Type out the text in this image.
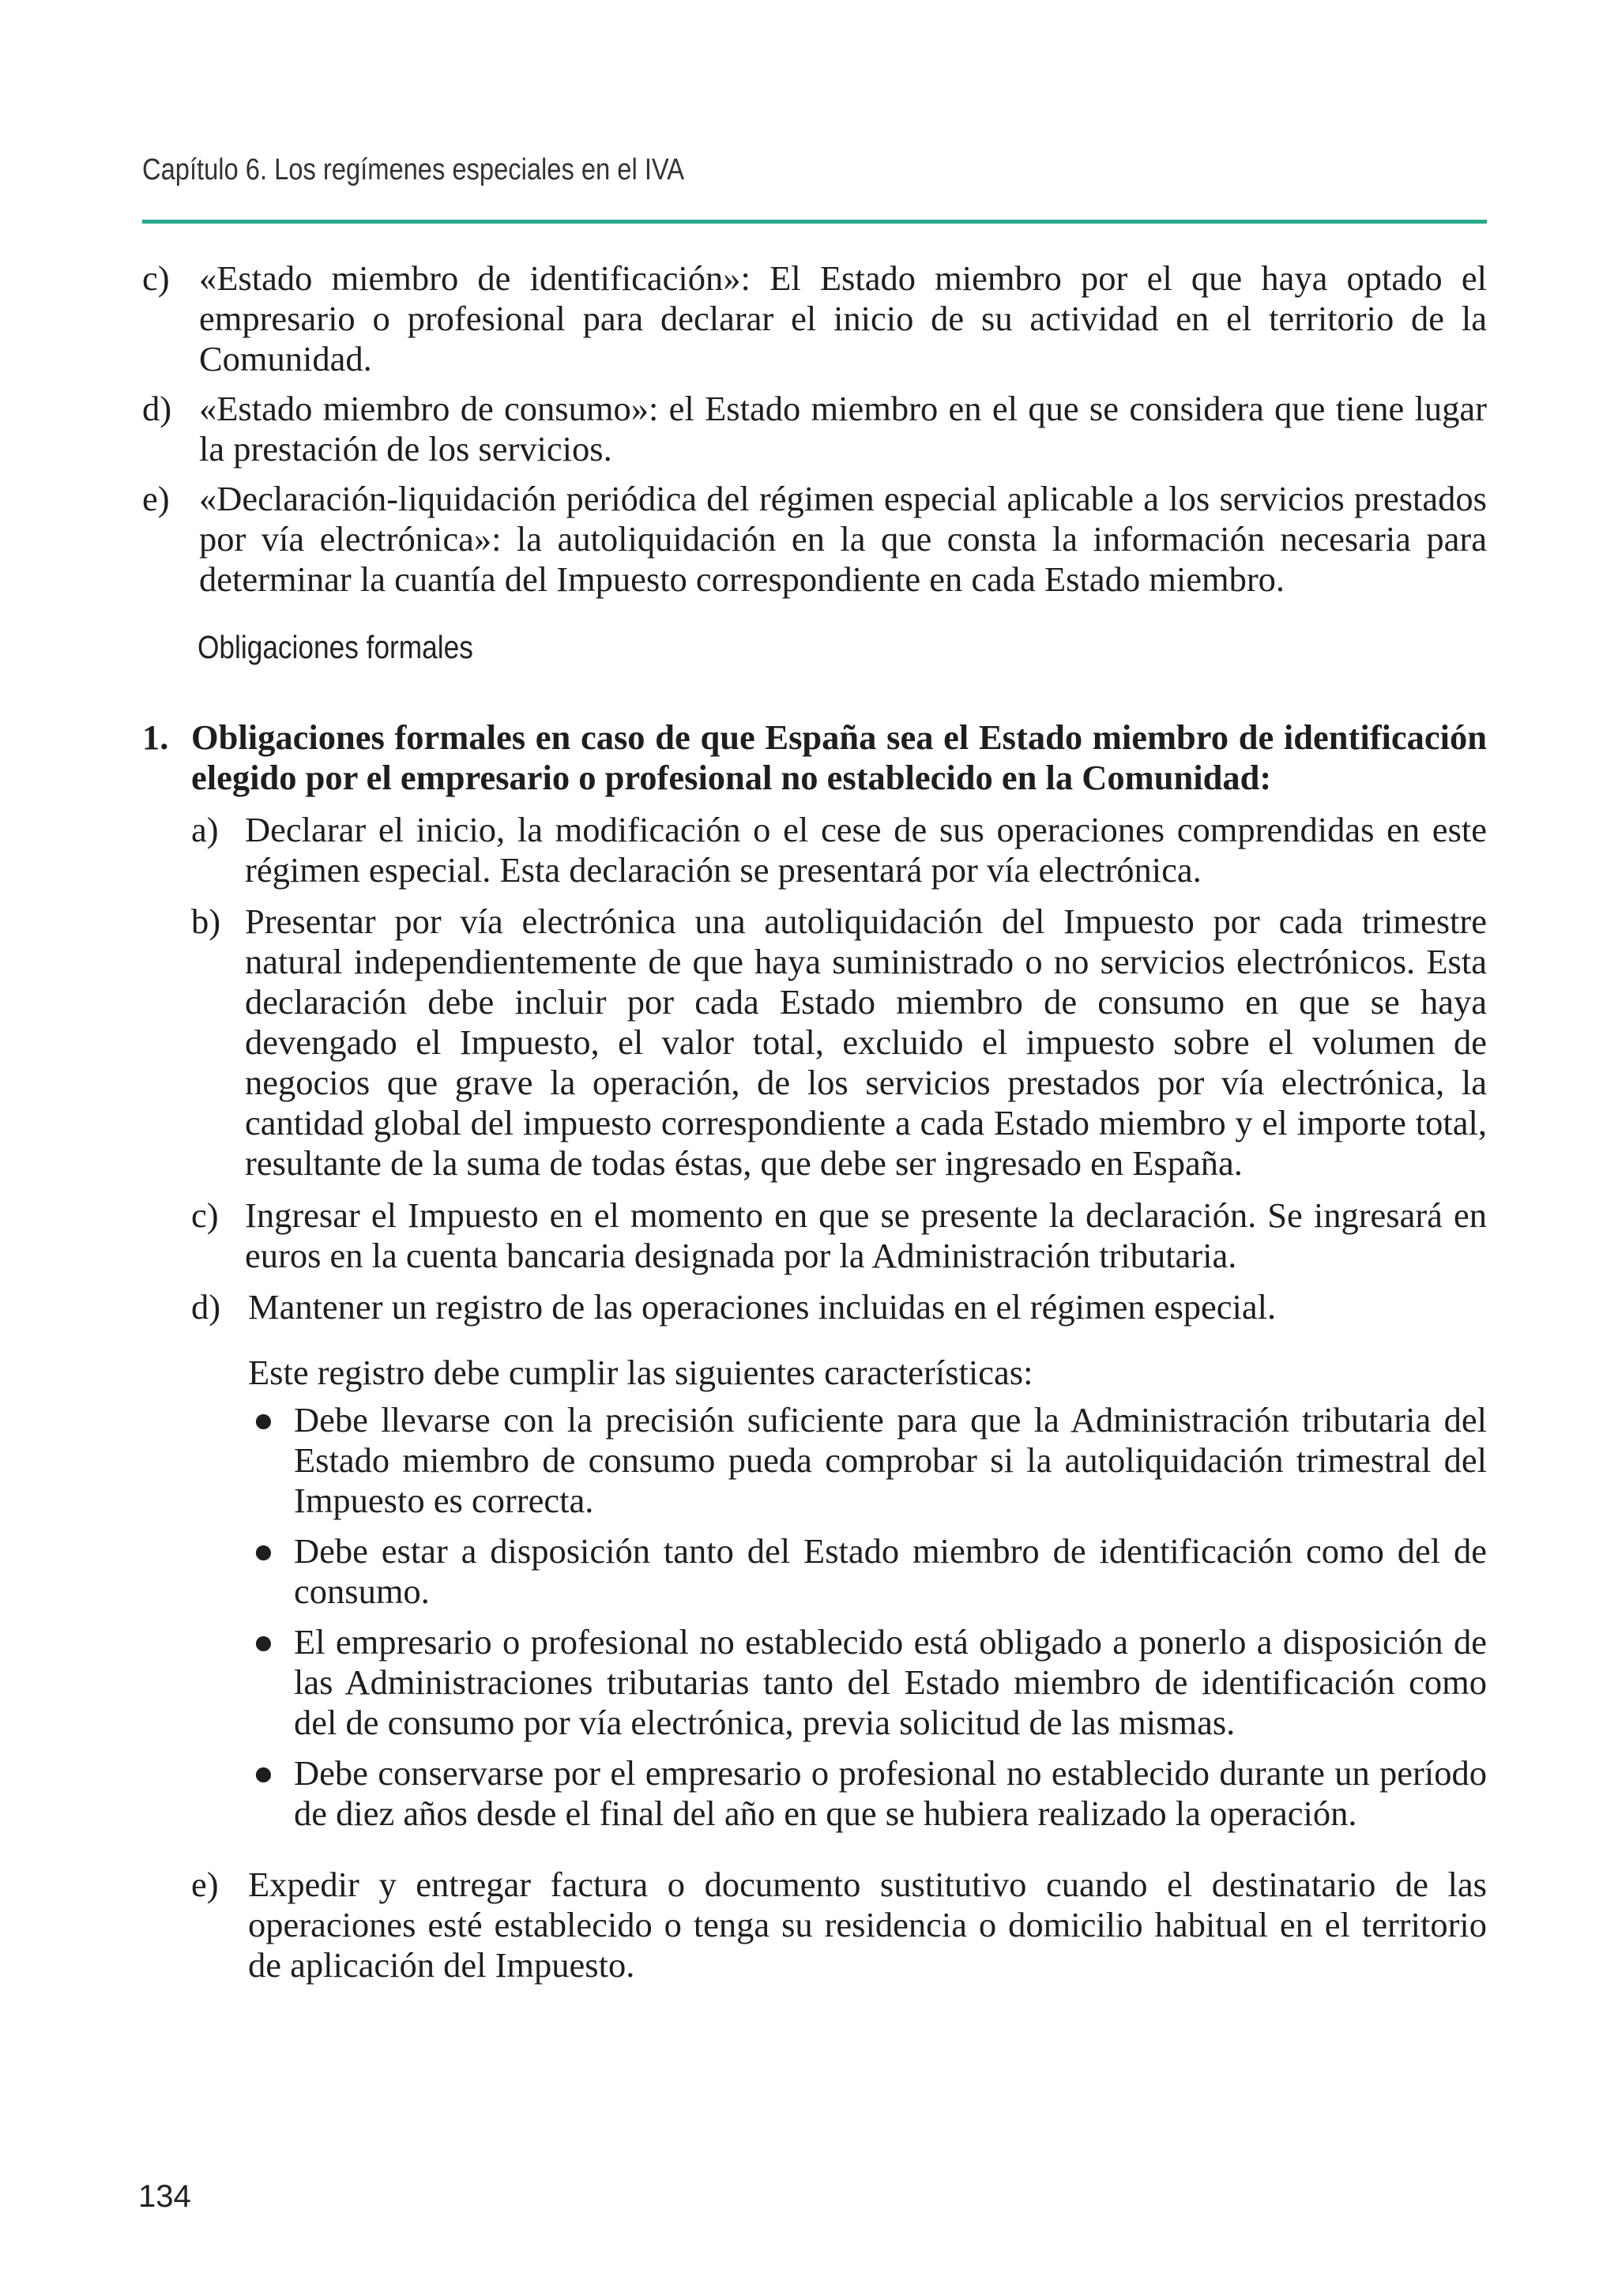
Capítulo 6. Los regímenes especiales en el IVA
c) «Estado miembro de identificación»: El Estado miembro por el que haya optado el empresario o profesional para declarar el inicio de su actividad en el territorio de la Comunidad.
d) «Estado miembro de consumo»: el Estado miembro en el que se considera que tiene lugar la prestación de los servicios.
e) «Declaración-liquidación periódica del régimen especial aplicable a los servicios prestados por vía electrónica»: la autoliquidación en la que consta la información necesaria para determinar la cuantía del Impuesto correspondiente en cada Estado miembro.
Obligaciones formales
1. Obligaciones formales en caso de que España sea el Estado miembro de identificación elegido por el empresario o profesional no establecido en la Comunidad:
a) Declarar el inicio, la modificación o el cese de sus operaciones comprendidas en este régimen especial. Esta declaración se presentará por vía electrónica.
b) Presentar por vía electrónica una autoliquidación del Impuesto por cada trimestre natural independientemente de que haya suministrado o no servicios electrónicos. Esta declaración debe incluir por cada Estado miembro de consumo en que se haya devengado el Impuesto, el valor total, excluido el impuesto sobre el volumen de negocios que grave la operación, de los servicios prestados por vía electrónica, la cantidad global del impuesto correspondiente a cada Estado miembro y el importe total, resultante de la suma de todas éstas, que debe ser ingresado en España.
c) Ingresar el Impuesto en el momento en que se presente la declaración. Se ingresará en euros en la cuenta bancaria designada por la Administración tributaria.
d) Mantener un registro de las operaciones incluidas en el régimen especial.
Este registro debe cumplir las siguientes características:
● Debe llevarse con la precisión suficiente para que la Administración tributaria del Estado miembro de consumo pueda comprobar si la autoliquidación trimestral del Impuesto es correcta.
● Debe estar a disposición tanto del Estado miembro de identificación como del de consumo.
● El empresario o profesional no establecido está obligado a ponerlo a disposición de las Administraciones tributarias tanto del Estado miembro de identificación como del de consumo por vía electrónica, previa solicitud de las mismas.
● Debe conservarse por el empresario o profesional no establecido durante un período de diez años desde el final del año en que se hubiera realizado la operación.
e) Expedir y entregar factura o documento sustitutivo cuando el destinatario de las operaciones esté establecido o tenga su residencia o domicilio habitual en el territorio de aplicación del Impuesto.
134
